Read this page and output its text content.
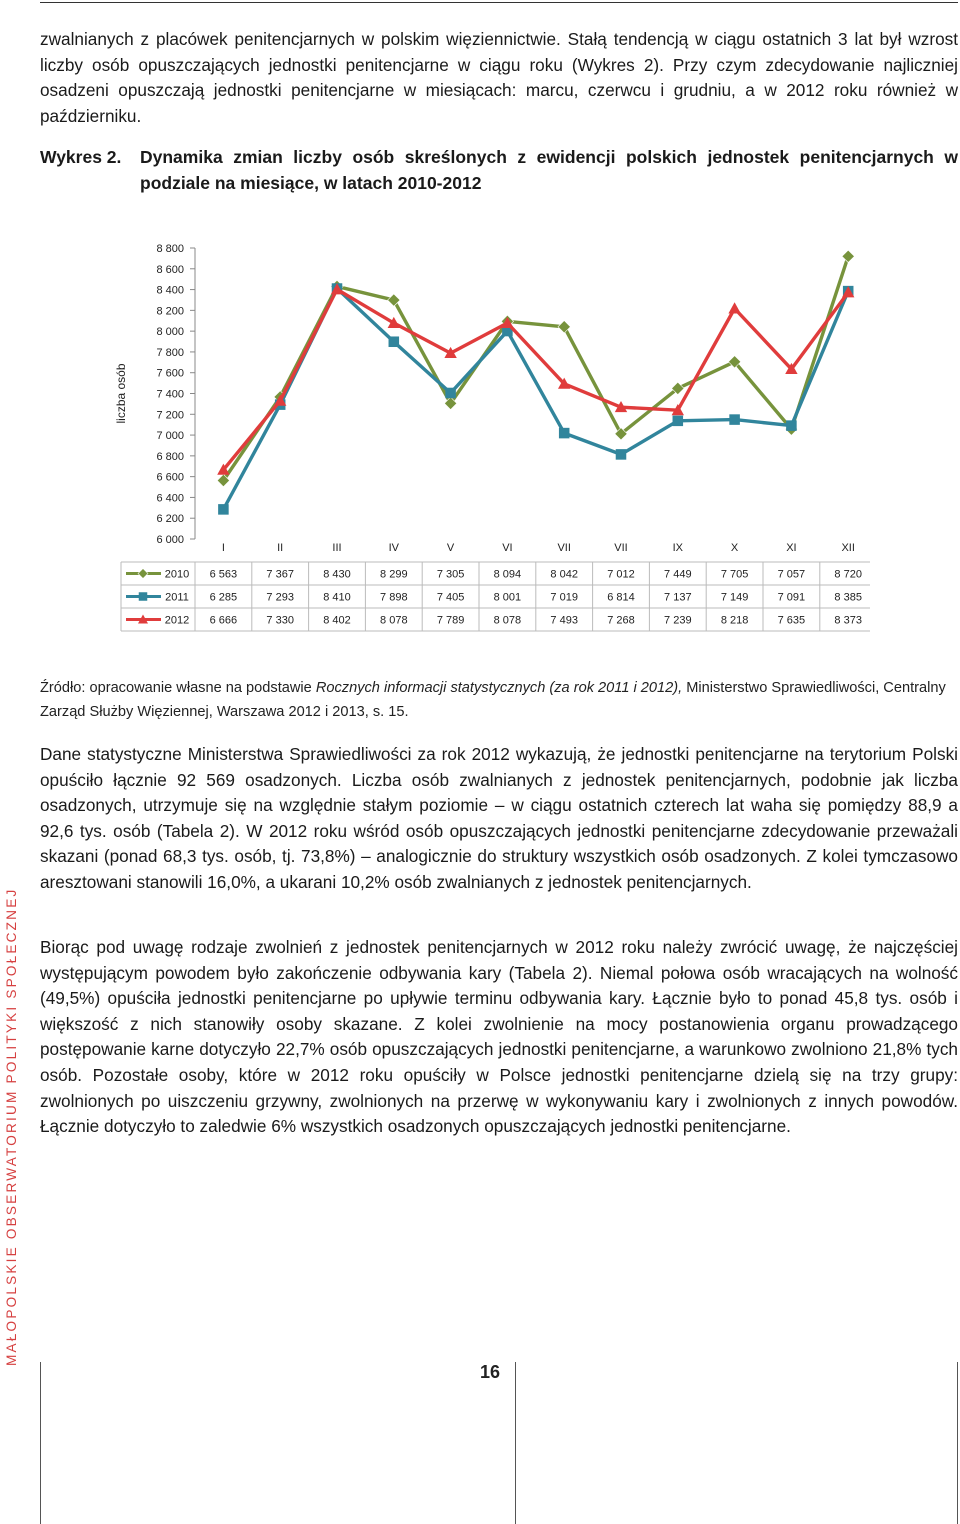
zwalnianych z placówek penitencjarnych w polskim więziennictwie. Stałą tendencją w ciągu ostatnich 3 lat był wzrost liczby osób opuszczających jednostki penitencjarne w ciągu roku (Wykres 2). Przy czym zdecydowanie najliczniej osadzeni opuszczają jednostki penitencjarne w miesiącach: marcu, czerwcu i grudniu, a w 2012 roku również w październiku.

Wykres 2. Dynamika zmian liczby osób skreślonych z ewidencji polskich jednostek penitencjarnych w podziale na miesiące, w latach 2010-2012
8 800
8 600
8 400
8 200
8 000
7 800
7 600
7 400
7 200
7 000
6 800
6 600
6 400
6 200
6 000
liczba osób
I	II	III	IV	V	VI	VII	VII	IX	X	XI	XII
2010 6 563	7 367	8 430	8 299	7 305	8 094	8 042	7 012	7 449	7 705	7 057	8 720
2011 6 285	7 293	8 410	7 898	7 405	8 001	7 019	6 814	7 137	7 149	7 091	8 385
2012 6 666	7 330	8 402	8 078	7 789	8 078	7 493	7 268	7 239	8 218	7 635	8 373
Źródło: opracowanie własne na podstawie Rocznych informacji statystycznych (za rok 2011 i 2012), Ministerstwo Sprawiedliwości, Centralny Zarząd Służby Więziennej, Warszawa 2012 i 2013, s. 15.

Dane statystyczne Ministerstwa Sprawiedliwości za rok 2012 wykazują, że jednostki penitencjarne na terytorium Polski opuściło łącznie 92 569 osadzonych. Liczba osób zwalnianych z jednostek penitencjarnych, podobnie jak liczba osadzonych, utrzymuje się na względnie stałym poziomie – w ciągu ostatnich czterech lat waha się pomiędzy 88,9 a 92,6 tys. osób (Tabela 2). W 2012 roku wśród osób opuszczających jednostki penitencjarne zdecydowanie przeważali skazani (ponad 68,3 tys. osób, tj. 73,8%) – analogicznie do struktury wszystkich osób osadzonych. Z kolei tymczasowo aresztowani stanowili 16,0%, a ukarani 10,2% osób zwalnianych z jednostek penitencjarnych.

Biorąc pod uwagę rodzaje zwolnień z jednostek penitencjarnych w 2012 roku należy zwrócić uwagę, że najczęściej występującym powodem było zakończenie odbywania kary (Tabela 2). Niemal połowa osób wracających na wolność (49,5%) opuściła jednostki penitencjarne po upływie terminu odbywania kary. Łącznie było to ponad 45,8 tys. osób i większość z nich stanowiły osoby skazane. Z kolei zwolnienie na mocy postanowienia organu prowadzącego postępowanie karne dotyczyło 22,7% osób opuszczających jednostki penitencjarne, a warunkowo zwolniono 21,8% tych osób. Pozostałe osoby, które w 2012 roku opuściły w Polsce jednostki penitencjarne dzielą się na trzy grupy: zwolnionych po uiszczeniu grzywny, zwolnionych na przerwę w wykonywaniu kary i zwolnionych z innych powodów. Łącznie dotyczyło to zaledwie 6% wszystkich osadzonych opuszczających jednostki penitencjarne.

MAŁOPOLSKIE OBSERWATORIUM POLITYKI SPOŁECZNEJ
16
